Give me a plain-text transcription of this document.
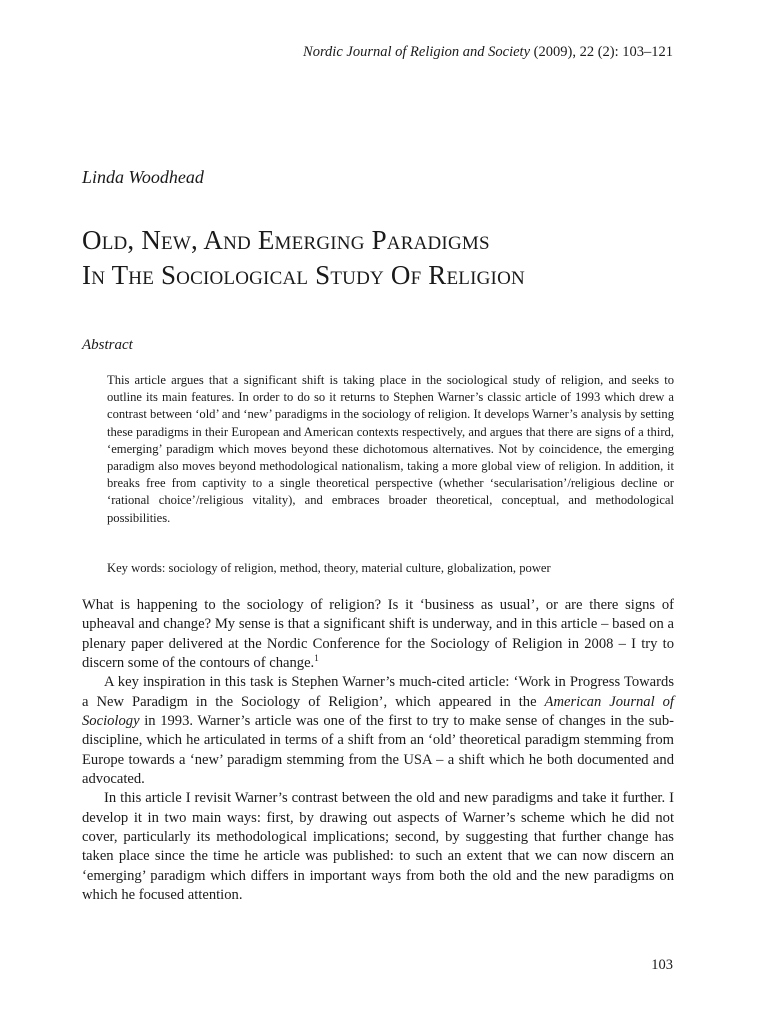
Nordic Journal of Religion and Society (2009), 22 (2): 103–121
Linda Woodhead
Old, New, And Emerging Paradigms
In The Sociological Study Of Religion
Abstract
This article argues that a significant shift is taking place in the sociological study of religion, and seeks to outline its main features. In order to do so it returns to Stephen Warner’s classic article of 1993 which drew a contrast between ‘old’ and ‘new’ paradigms in the sociology of religion. It develops Warner’s analysis by setting these paradigms in their European and American contexts respectively, and argues that there are signs of a third, ‘emerging’ paradigm which moves beyond these dichotomous alternatives. Not by coincidence, the emerging paradigm also moves beyond methodological nationalism, taking a more global view of religion. In addition, it breaks free from captivity to a single theoretical perspective (whether ‘secularisation’/religious decline or ‘rational choice’/religious vitality), and embraces broader theoretical, conceptual, and methodological possibilities.
Key words: sociology of religion, method, theory, material culture, globalization, power

What is happening to the sociology of religion? Is it ‘business as usual’, or are there signs of upheaval and change? My sense is that a significant shift is underway, and in this article – based on a plenary paper delivered at the Nordic Conference for the Sociology of Religion in 2008 – I try to discern some of the contours of change.$^1$

A key inspiration in this task is Stephen Warner’s much-cited article: ‘Work in Progress Towards a New Paradigm in the Sociology of Religion’, which appeared in the American Journal of Sociology in 1993. Warner’s article was one of the first to try to make sense of changes in the sub-discipline, which he articulated in terms of a shift from an ‘old’ theoretical paradigm stemming from Europe towards a ‘new’ paradigm stemming from the USA – a shift which he both documented and advocated.

In this article I revisit Warner’s contrast between the old and new paradigms and take it further. I develop it in two main ways: first, by drawing out aspects of Warner’s scheme which he did not cover, particularly its methodological implications; second, by suggesting that further change has taken place since the time he article was published: to such an extent that we can now discern an ‘emerging’ paradigm which differs in important ways from both the old and the new paradigms on which he focused attention.

103
